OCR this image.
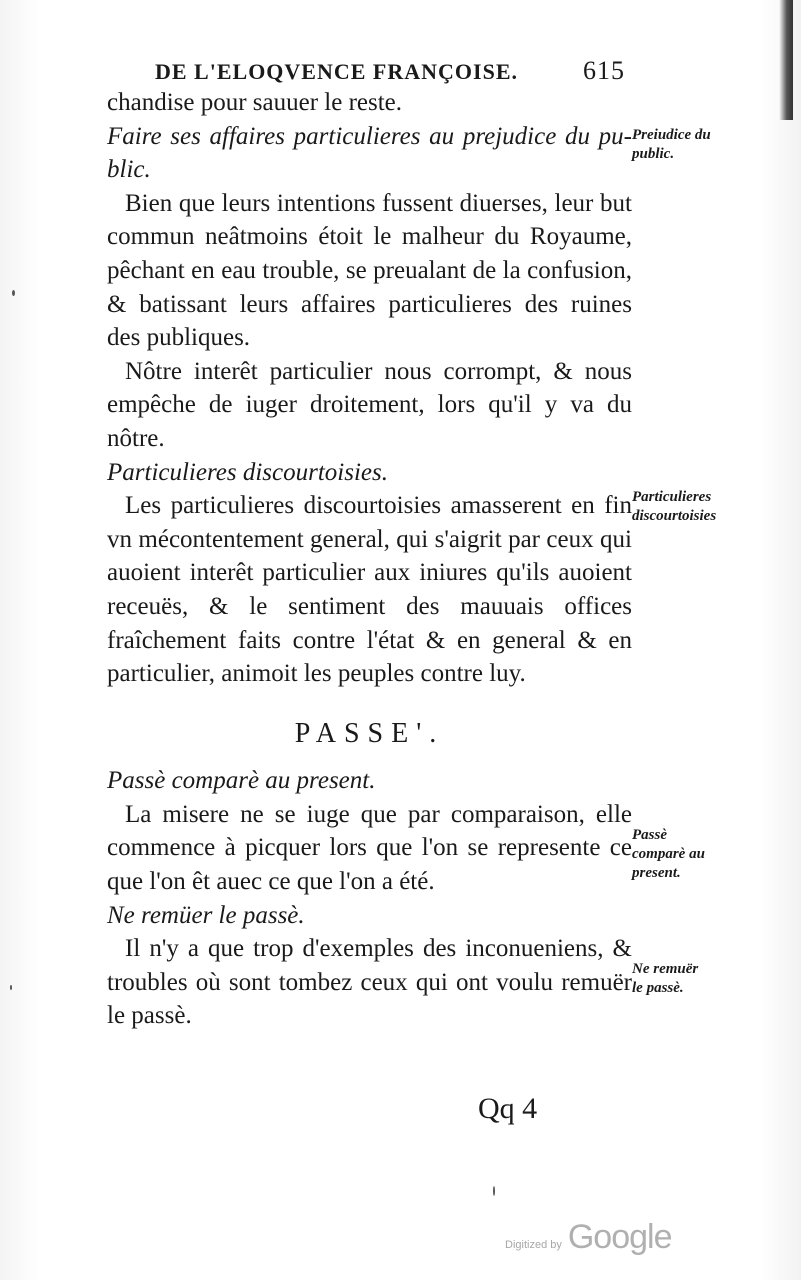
DE L'ELOQVENCE FRANÇOISE. 615

chandise pour sauuer le reste.

Faire ses affaires particulieres au prejudice du pu-blic.

Bien que leurs intentions fussent diuerses, leur but commun neâtmoins étoit le malheur du Royaume, pêchant en eau trouble, se preualant de la confusion, & batissant leurs affaires particulieres des ruines des publiques.

Nôtre interêt particulier nous corrompt, & nous empêche de iuger droitement, lors qu'il y va du nôtre.

Particulieres discourtoisies.

Les particulieres discourtoisies amasserent en fin vn mécontentement general, qui s'aigrit par ceux qui auoient interêt particulier aux iniures qu'ils auoient receuës, & le sentiment des mauuais offices fraîchement faits contre l'état & en general & en particulier, animoit les peuples contre luy.

PASSE'.

Passè comparè au present.

La misere ne se iuge que par comparaison, elle commence à picquer lors que l'on se represente ce que l'on êt auec ce que l'on a été.

Ne remüer le passè.

Il n'y a que trop d'exemples des inconueniens, & troubles où sont tombez ceux qui ont voulu remuër le passè.

Preiudice du public.
Particulieres discourtoisies
Passè comparè au present.
Ne remuër le passè.
Qq 4
Digitized by Google
